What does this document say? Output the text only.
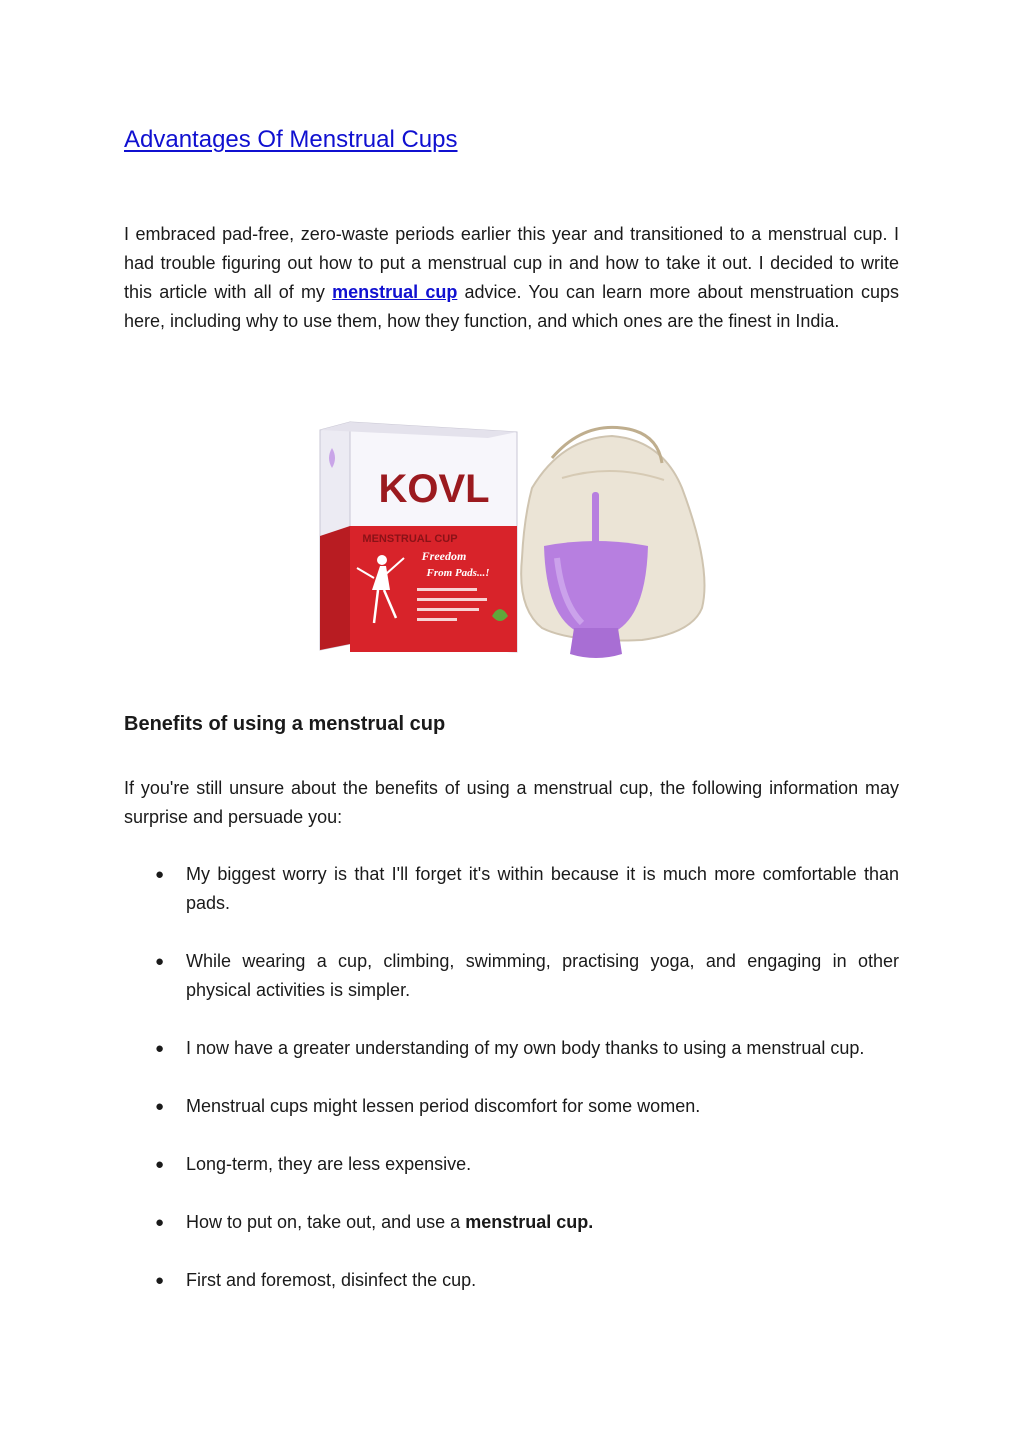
Advantages Of Menstrual Cups

I embraced pad-free, zero-waste periods earlier this year and transitioned to a menstrual cup. I had trouble figuring out how to put a menstrual cup in and how to take it out. I decided to write this article with all of my menstrual cup advice. You can learn more about menstruation cups here, including why to use them, how they function, and which ones are the finest in India.

KOVL
MENSTRUAL CUP
Freedom
From Pads...!
Benefits of using a menstrual cup

If you're still unsure about the benefits of using a menstrual cup, the following information may surprise and persuade you:

● My biggest worry is that I'll forget it's within because it is much more comfortable than pads.
● While wearing a cup, climbing, swimming, practising yoga, and engaging in other physical activities is simpler.
● I now have a greater understanding of my own body thanks to using a menstrual cup.
● Menstrual cups might lessen period discomfort for some women.
● Long-term, they are less expensive.
● How to put on, take out, and use a menstrual cup.
● First and foremost, disinfect the cup.
